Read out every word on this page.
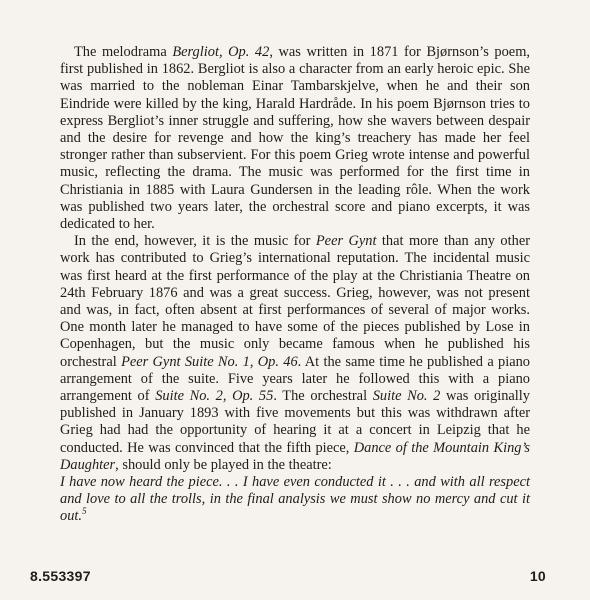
The melodrama Bergliot, Op. 42, was written in 1871 for Bjørnson’s poem, first published in 1862. Bergliot is also a character from an early heroic epic. She was married to the nobleman Einar Tambarskjelve, when he and their son Eindride were killed by the king, Harald Hardråde. In his poem Bjørnson tries to express Bergliot’s inner struggle and suffering, how she wavers between despair and the desire for revenge and how the king’s treachery has made her feel stronger rather than subservient. For this poem Grieg wrote intense and powerful music, reflecting the drama. The music was performed for the first time in Christiania in 1885 with Laura Gundersen in the leading rôle. When the work was published two years later, the orchestral score and piano excerpts, it was dedicated to her.

In the end, however, it is the music for Peer Gynt that more than any other work has contributed to Grieg’s international reputation. The incidental music was first heard at the first performance of the play at the Christiania Theatre on 24th February 1876 and was a great success. Grieg, however, was not present and was, in fact, often absent at first performances of several of major works. One month later he managed to have some of the pieces published by Lose in Copenhagen, but the music only became famous when he published his orchestral Peer Gynt Suite No. 1, Op. 46. At the same time he published a piano arrangement of the suite. Five years later he followed this with a piano arrangement of Suite No. 2, Op. 55. The orchestral Suite No. 2 was originally published in January 1893 with five movements but this was withdrawn after Grieg had had the opportunity of hearing it at a concert in Leipzig that he conducted. He was convinced that the fifth piece, Dance of the Mountain King’s Daughter, should only be played in the theatre:

I have now heard the piece. . . I have even conducted it . . . and with all respect and love to all the trolls, in the final analysis we must show no mercy and cut it out.$^5$

8.553397	10
